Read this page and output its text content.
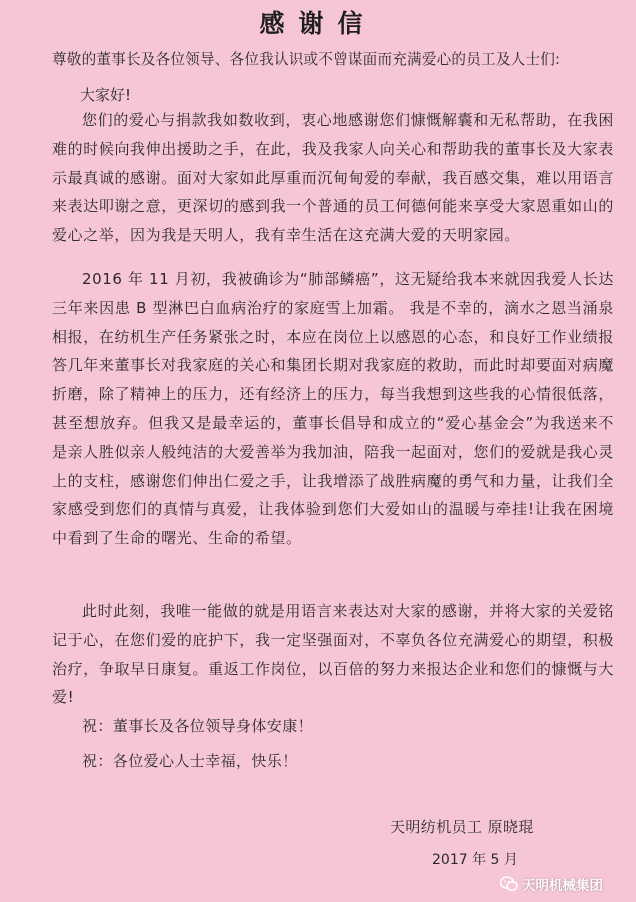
感谢信
尊敬的董事长及各位领导、各位我认识或不曾谋面而充满爱心的员工及人士们:
大家好!
您们的爱心与捐款我如数收到，衷心地感谢您们慷慨解囊和无私帮助，在我困难的时候向我伸出援助之手，在此，我及我家人向关心和帮助我的董事长及大家表示最真诚的感谢。面对大家如此厚重而沉甸甸爱的奉献，我百感交集，难以用语言来表达叩谢之意，更深切的感到我一个普通的员工何德何能来享受大家恩重如山的爱心之举，因为我是天明人，我有幸生活在这充满大爱的天明家园。
2016 年 11 月初，我被确诊为“肺部鳞癌”，这无疑给我本来就因我爱人长达三年来因患 B 型淋巴白血病治疗的家庭雪上加霜。 我是不幸的，滴水之恩当涌泉相报，在纺机生产任务紧张之时，本应在岗位上以感恩的心态，和良好工作业绩报答几年来董事长对我家庭的关心和集团长期对我家庭的救助，而此时却要面对病魔折磨，除了精神上的压力，还有经济上的压力，每当我想到这些我的心情很低落，甚至想放弃。但我又是最幸运的，董事长倡导和成立的“爱心基金会”为我送来不是亲人胜似亲人般纯洁的大爱善举为我加油，陪我一起面对，您们的爱就是我心灵上的支柱，感谢您们伸出仁爱之手，让我增添了战胜病魔的勇气和力量，让我们全家感受到您们的真情与真爱，让我体验到您们大爱如山的温暖与牵挂!让我在困境中看到了生命的曙光、生命的希望。
此时此刻，我唯一能做的就是用语言来表达对大家的感谢，并将大家的关爱铭记于心，在您们爱的庇护下，我一定坚强面对，不辜负各位充满爱心的期望，积极治疗，争取早日康复。重返工作岗位，以百倍的努力来报达企业和您们的慷慨与大爱!
祝：董事长及各位领导身体安康！
祝：各位爱心人士幸福，快乐！
天明纺机员工 原晓琨
2017 年 5 月
天明机械集团
